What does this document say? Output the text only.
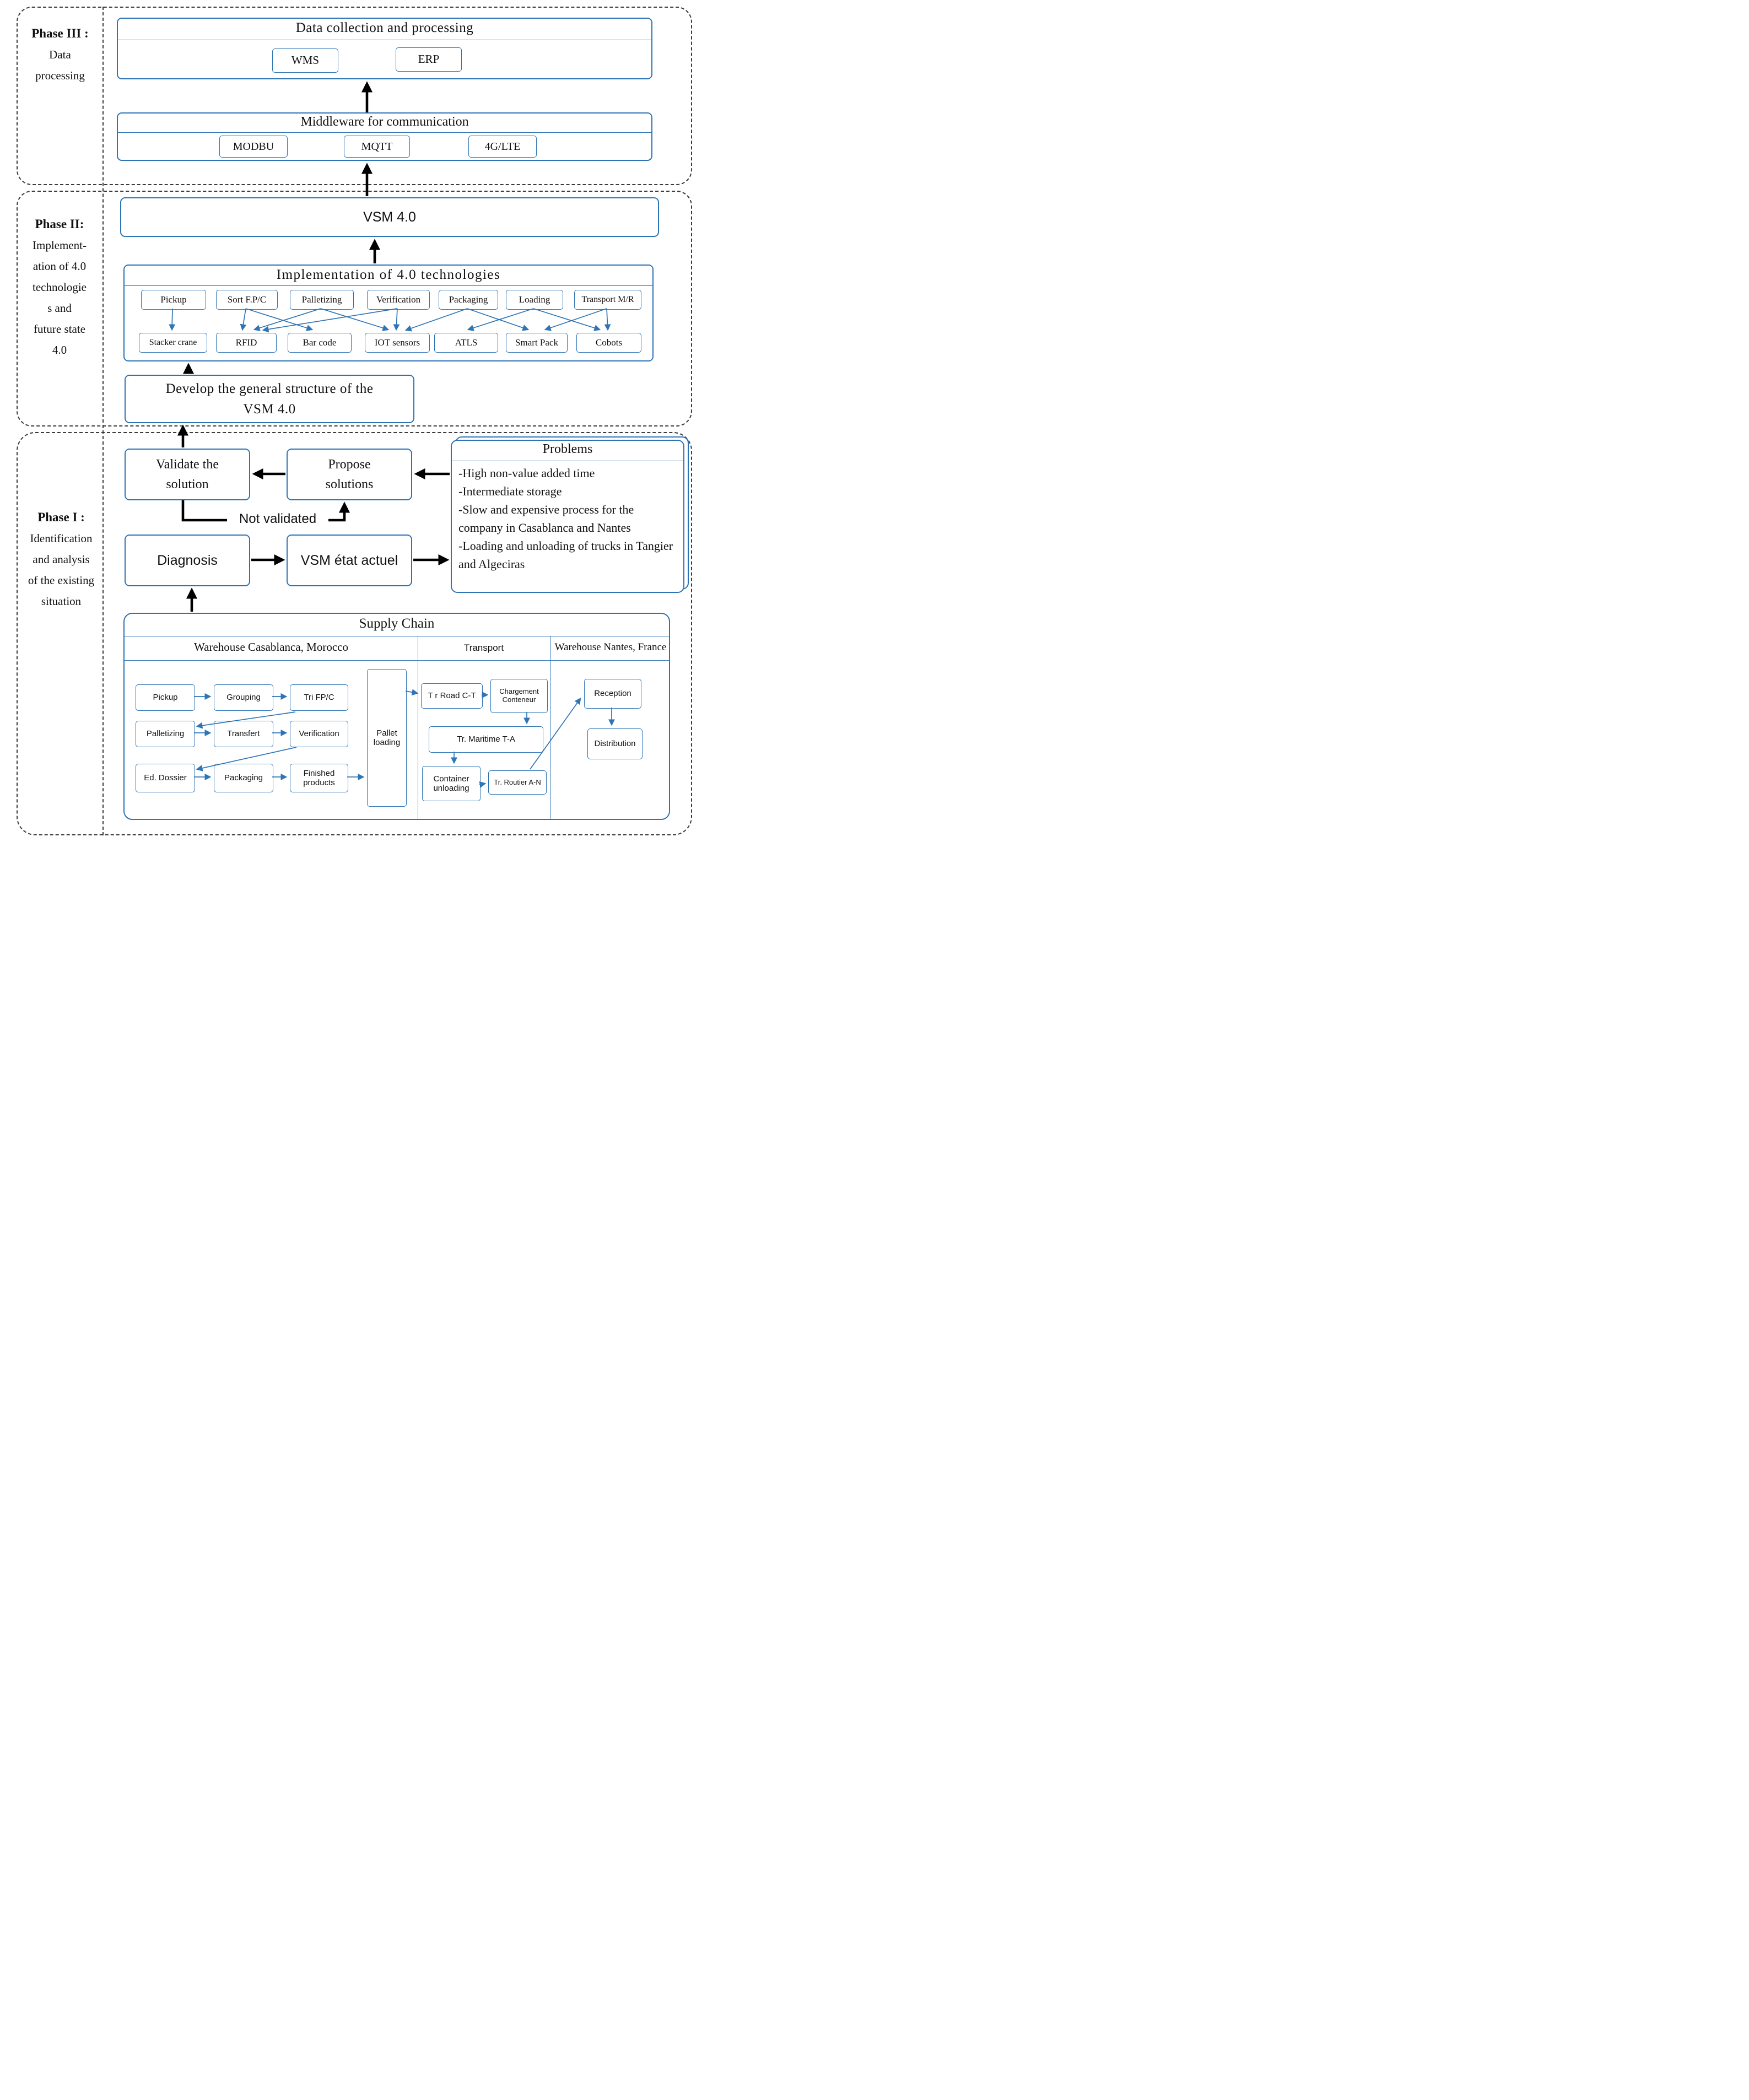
Phase III :
Data
processing
Phase II:
Implement-
ation of 4.0
technologie
s and
future state
4.0
Phase I :
Identification
and analysis
of the existing
situation
Data collection and processing
WMS	ERP
Middleware for communication
MODBU	MQTT	4G/LTE
VSM 4.0
Implementation of 4.0 technologies
Pickup	Sort F.P/C	Palletizing	Verification	Packaging	Loading	Transport M/R
Stacker crane	RFID	Bar code	IOT sensors	ATLS	Smart Pack	Cobots
Develop the general structure of the VSM 4.0
Validate the solution
Propose solutions
Problems
-High non-value added time
-Intermediate storage
-Slow and expensive process for the company in Casablanca and Nantes
-Loading and unloading of trucks in Tangier and Algeciras
Not validated
Diagnosis	VSM état actuel
Supply Chain
Warehouse Casablanca, Morocco	Transport	Warehouse Nantes, France
Pickup	Grouping	Tri FP/C
Palletizing	Transfert	Verification
Ed. Dossier	Packaging
Finished products
Pallet loading
T r Road C-T	Chargement Conteneur
Tr. Maritime T-A
Container unloading
Tr. Routier A-N
Reception
Distribution
